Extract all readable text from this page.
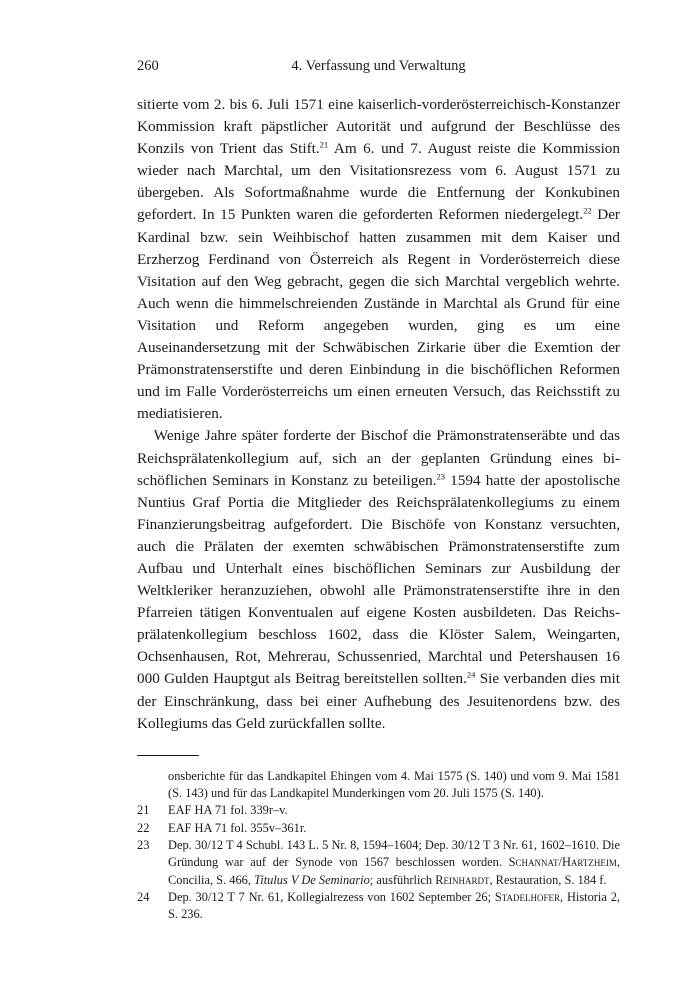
260	4. Verfassung und Verwaltung

sitierte vom 2. bis 6. Juli 1571 eine kaiserlich-vorderösterreichisch-Konstanzer Kommission kraft päpstlicher Autorität und aufgrund der Beschlüsse des Konzils von Trient das Stift.$^{21}$ Am 6. und 7. August reiste die Kommission wieder nach Marchtal, um den Visitationsrezess vom 6. August 1571 zu übergeben. Als Sofortmaßnahme wurde die Entfernung der Konkubinen gefordert. In 15 Punkten waren die geforderten Reformen niedergelegt.$^{22}$ Der Kardinal bzw. sein Weihbischof hatten zusammen mit dem Kaiser und Erzherzog Ferdinand von Österreich als Regent in Vorderösterreich diese Visitation auf den Weg gebracht, gegen die sich Marchtal vergeblich wehrte. Auch wenn die himmelschreienden Zustände in Marchtal als Grund für eine Visitation und Reform angegeben wurden, ging es um eine Auseinandersetzung mit der Schwäbischen Zirkarie über die Exemtion der Prämonstratenserstifte und deren Einbindung in die bischöflichen Reformen und im Falle Vorderösterreichs um einen erneuten Versuch, das Reichsstift zu mediatisieren.

Wenige Jahre später forderte der Bischof die Prämonstratenseräbte und das Reichsprälatenkollegium auf, sich an der geplanten Gründung eines bischöflichen Seminars in Konstanz zu beteiligen.$^{23}$ 1594 hatte der apostolische Nuntius Graf Portia die Mitglieder des Reichsprälatenkollegiums zu einem Finanzierungsbeitrag aufgefordert. Die Bischöfe von Konstanz versuchten, auch die Prälaten der exemten schwäbischen Prämonstratenserstifte zum Aufbau und Unterhalt eines bischöflichen Seminars zur Ausbildung der Weltkleriker heranzuziehen, obwohl alle Prämonstratenserstifte ihre in den Pfarreien tätigen Konventualen auf eigene Kosten ausbildeten. Das Reichsprälatenkollegium beschloss 1602, dass die Klöster Salem, Weingarten, Ochsenhausen, Rot, Mehrerau, Schussenried, Marchtal und Petershausen 16 000 Gulden Hauptgut als Beitrag bereitstellen sollten.$^{24}$ Sie verbanden dies mit der Einschränkung, dass bei einer Aufhebung des Jesuitenordens bzw. des Kollegiums das Geld zurückfallen sollte.

onsberichte für das Landkapitel Ehingen vom 4. Mai 1575 (S. 140) und vom 9. Mai 1581 (S. 143) und für das Landkapitel Munderkingen vom 20. Juli 1575 (S. 140).
21 EAF HA 71 fol. 339r–v.
22 EAF HA 71 fol. 355v–361r.
23 Dep. 30/12 T 4 Schubl. 143 L. 5 Nr. 8, 1594–1604; Dep. 30/12 T 3 Nr. 61, 1602–1610. Die Gründung war auf der Synode von 1567 beschlossen worden. Schannat/Hartzheim, Concilia, S. 466, Titulus V De Seminario; ausführlich Reinhardt, Restauration, S. 184 f.
24 Dep. 30/12 T 7 Nr. 61, Kollegialrezess von 1602 September 26; Stadelhofer, Historia 2, S. 236.
